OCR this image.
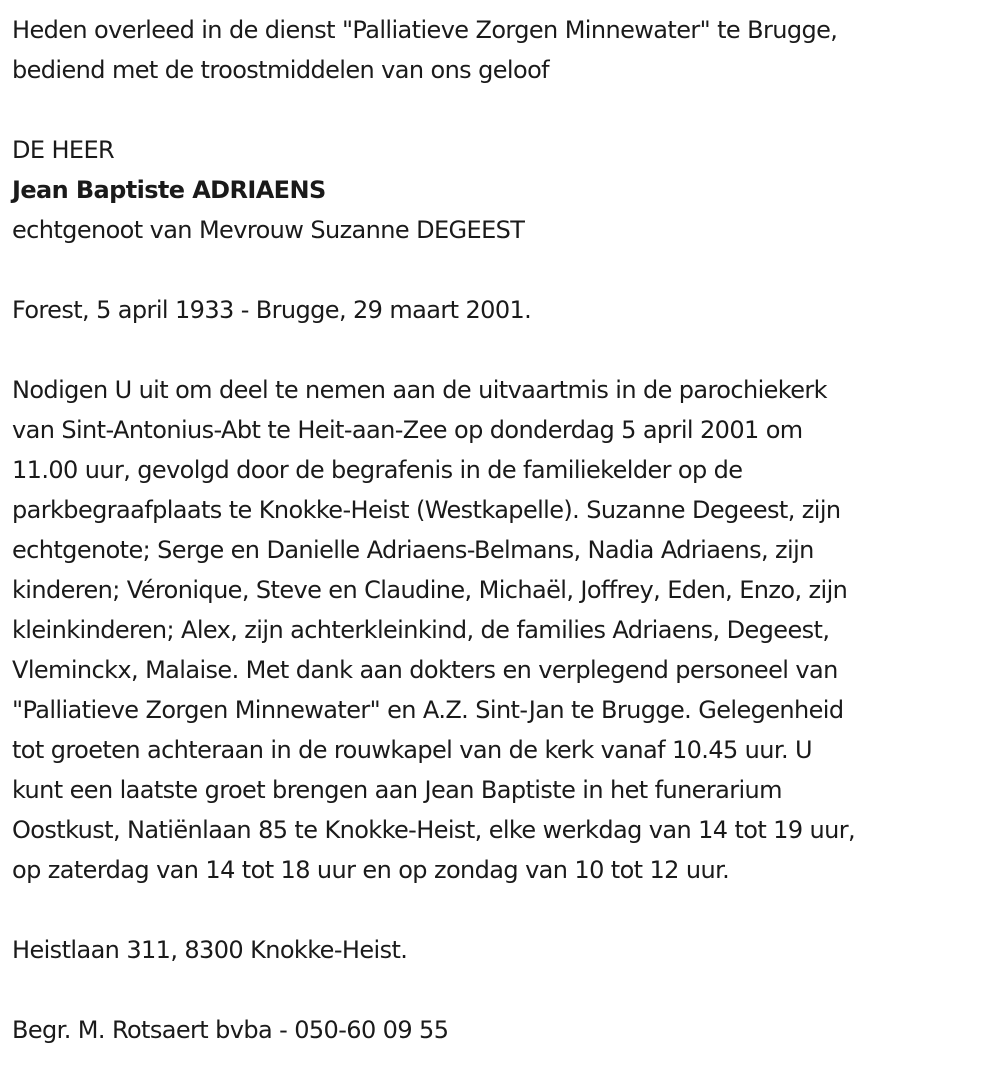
Heden overleed in de dienst "Palliatieve Zorgen Minnewater" te Brugge,
bediend met de troostmiddelen van ons geloof
DE HEER
Jean Baptiste ADRIAENS
echtgenoot van Mevrouw Suzanne DEGEEST
Forest, 5 april 1933 - Brugge, 29 maart 2001.
Nodigen U uit om deel te nemen aan de uitvaartmis in de parochiekerk
van Sint-Antonius-Abt te Heit-aan-Zee op donderdag 5 april 2001 om
11.00 uur, gevolgd door de begrafenis in de familiekelder op de
parkbegraafplaats te Knokke-Heist (Westkapelle). Suzanne Degeest, zijn
echtgenote; Serge en Danielle Adriaens-Belmans, Nadia Adriaens, zijn
kinderen; Véronique, Steve en Claudine, Michaël, Joffrey, Eden, Enzo, zijn
kleinkinderen; Alex, zijn achterkleinkind, de families Adriaens, Degeest,
Vleminckx, Malaise. Met dank aan dokters en verplegend personeel van
"Palliatieve Zorgen Minnewater" en A.Z. Sint-Jan te Brugge. Gelegenheid
tot groeten achteraan in de rouwkapel van de kerk vanaf 10.45 uur. U
kunt een laatste groet brengen aan Jean Baptiste in het funerarium
Oostkust, Natiënlaan 85 te Knokke-Heist, elke werkdag van 14 tot 19 uur,
op zaterdag van 14 tot 18 uur en op zondag van 10 tot 12 uur.
Heistlaan 311, 8300 Knokke-Heist.
Begr. M. Rotsaert bvba - 050-60 09 55
